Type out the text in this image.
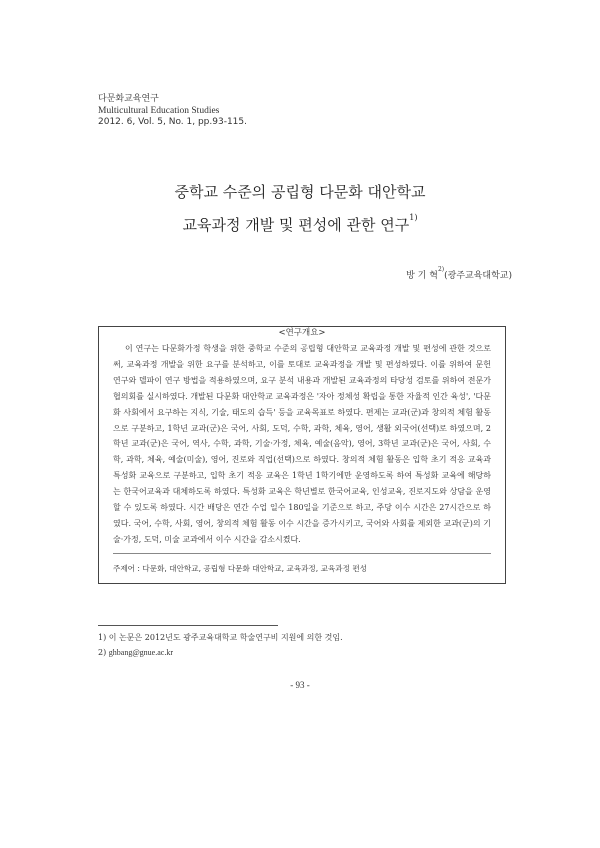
다문화교육연구
Multicultural Education Studies
2012. 6, Vol. 5, No. 1, pp.93-115.
중학교 수준의 공립형 다문화 대안학교
교육과정 개발 및 편성에 관한 연구$^{1)}$
방 기 혁$^{2)}$(광주교육대학교)
<연구개요>
이 연구는 다문화가정 학생을 위한 중학교 수준의 공립형 대안학교 교육과정 개발 및 편성에 관한 것으로써, 교육과정 개발을 위한 요구를 분석하고, 이를 토대로 교육과정을 개발 및 편성하였다. 이를 위하여 문헌 연구와 델파이 연구 방법을 적용하였으며, 요구 분석 내용과 개발된 교육과정의 타당성 검토를 위하여 전문가 협의회를 실시하였다. 개발된 다문화 대안학교 교육과정은 '자아 정체성 확립을 통한 자율적 인간 육성', '다문화 사회에서 요구하는 지식, 기술, 태도의 습득' 등을 교육목표로 하였다. 편제는 교과(군)과 창의적 체험 활동으로 구분하고, 1학년 교과(군)은 국어, 사회, 도덕, 수학, 과학, 체육, 영어, 생활 외국어(선택)로 하였으며, 2학년 교과(군)은 국어, 역사, 수학, 과학, 기술·가정, 체육, 예술(음악), 영어, 3학년 교과(군)은 국어, 사회, 수학, 과학, 체육, 예술(미술), 영어, 진로와 직업(선택)으로 하였다. 창의적 체험 활동은 입학 초기 적응 교육과 특성화 교육으로 구분하고, 입학 초기 적응 교육은 1학년 1학기에만 운영하도록 하여 특성화 교육에 해당하는 한국어교육과 대체하도록 하였다. 특성화 교육은 학년별로 한국어교육, 인성교육, 진로지도와 상담을 운영할 수 있도록 하였다. 시간 배당은 연간 수업 일수 180일을 기준으로 하고, 주당 이수 시간은 27시간으로 하였다. 국어, 수학, 사회, 영어, 창의적 체험 활동 이수 시간을 증가시키고, 국어와 사회를 제외한 교과(군)의 기술·가정, 도덕, 미술 교과에서 이수 시간을 감소시켰다.
주제어 : 다문화, 대안학교, 공립형 다문화 대안학교, 교육과정, 교육과정 편성
1) 이 논문은 2012년도 광주교육대학교 학술연구비 지원에 의한 것임.
2) ghbang@gnue.ac.kr
- 93 -
